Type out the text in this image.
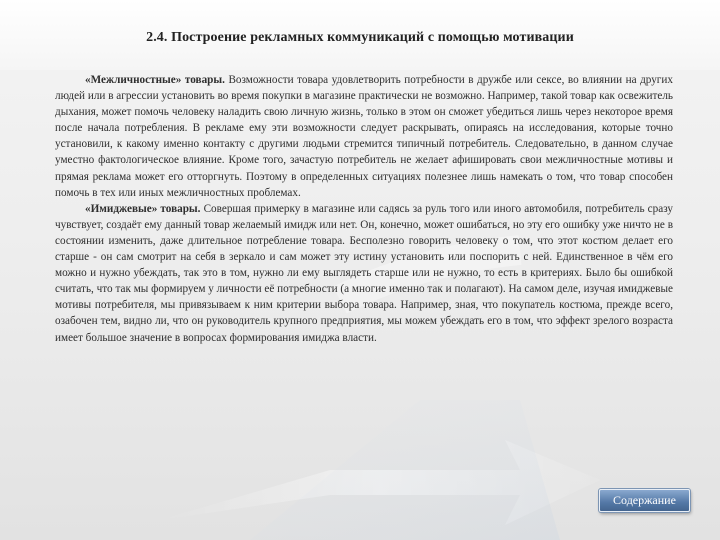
2.4. Построение рекламных коммуникаций с помощью мотивации

«Межличностные» товары. Возможности товара удовлетворить потребности в дружбе или сексе, во влиянии на других людей или в агрессии установить во время покупки в магазине практически не возможно. Например, такой товар как освежитель дыхания, может помочь человеку наладить свою личную жизнь, только в этом он сможет убедиться лишь через некоторое время после начала потребления. В рекламе ему эти возможности следует раскрывать, опираясь на исследования, которые точно установили, к какому именно контакту с другими людьми стремится типичный потребитель. Следовательно, в данном случае уместно фактологическое влияние. Кроме того, зачастую потребитель не желает афишировать свои межличностные мотивы и прямая реклама может его отторгнуть. Поэтому в определенных ситуациях полезнее лишь намекать о том, что товар способен помочь в тех или иных межличностных проблемах.

«Имиджевые» товары. Совершая примерку в магазине или садясь за руль того или иного автомобиля, потребитель сразу чувствует, создаёт ему данный товар желаемый имидж или нет. Он, конечно, может ошибаться, но эту его ошибку уже ничто не в состоянии изменить, даже длительное потребление товара. Бесполезно говорить человеку о том, что этот костюм делает его старше - он сам смотрит на себя в зеркало и сам может эту истину установить или поспорить с ней. Единственное в чём его можно и нужно убеждать, так это в том, нужно ли ему выглядеть старше или не нужно, то есть в критериях. Было бы ошибкой считать, что так мы формируем у личности её потребности (а многие именно так и полагают). На самом деле, изучая имиджевые мотивы потребителя, мы привязываем к ним критерии выбора товара. Например, зная, что покупатель костюма, прежде всего, озабочен тем, видно ли, что он руководитель крупного предприятия, мы можем убеждать его в том, что эффект зрелого возраста имеет большое значение в вопросах формирования имиджа власти.

Содержание
